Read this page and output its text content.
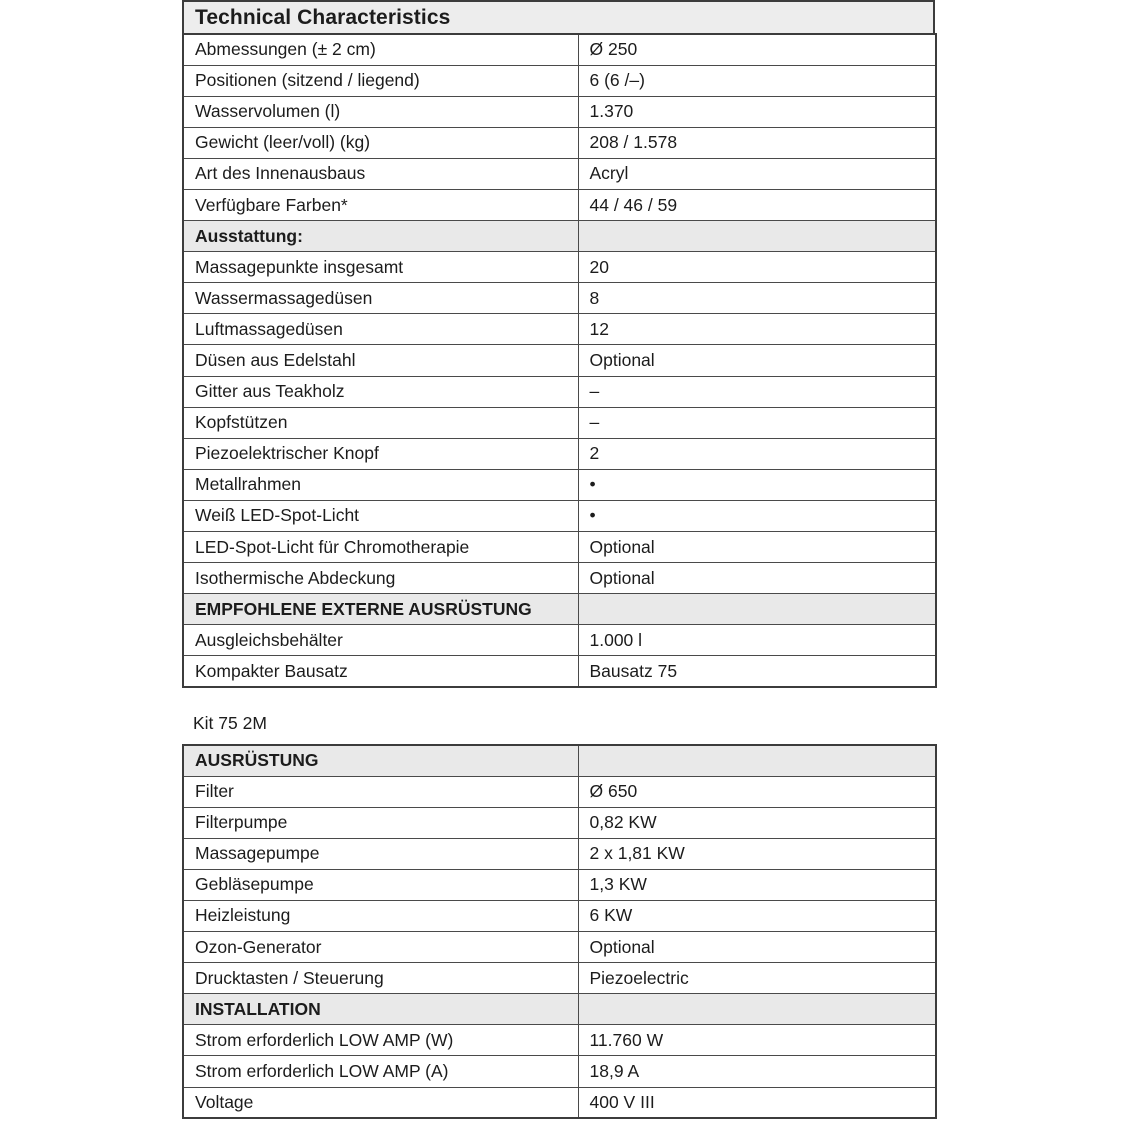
Technical Characteristics
Abmessungen (± 2 cm)	Ø 250
Positionen (sitzend / liegend)	6 (6 /–)
Wasservolumen (l)	1.370
Gewicht (leer/voll) (kg)	208 / 1.578
Art des Innenausbaus	Acryl
Verfügbare Farben*	44 / 46 / 59
Ausstattung:	
Massagepunkte insgesamt	20
Wassermassagedüsen	8
Luftmassagedüsen	12
Düsen aus Edelstahl	Optional
Gitter aus Teakholz	–
Kopfstützen	–
Piezoelektrischer Knopf	2
Metallrahmen	•
Weiß LED-Spot-Licht	•
LED-Spot-Licht für Chromotherapie	Optional
Isothermische Abdeckung	Optional
EMPFOHLENE EXTERNE AUSRÜSTUNG	
Ausgleichsbehälter	1.000 l
Kompakter Bausatz	Bausatz 75
Kit 75 2M
AUSRÜSTUNG	
Filter	Ø 650
Filterpumpe	0,82 KW
Massagepumpe	2 x 1,81 KW
Gebläsepumpe	1,3 KW
Heizleistung	6 KW
Ozon-Generator	Optional
Drucktasten / Steuerung	Piezoelectric
INSTALLATION	
Strom erforderlich LOW AMP (W)	11.760 W
Strom erforderlich LOW AMP (A)	18,9 A
Voltage	400 V III
